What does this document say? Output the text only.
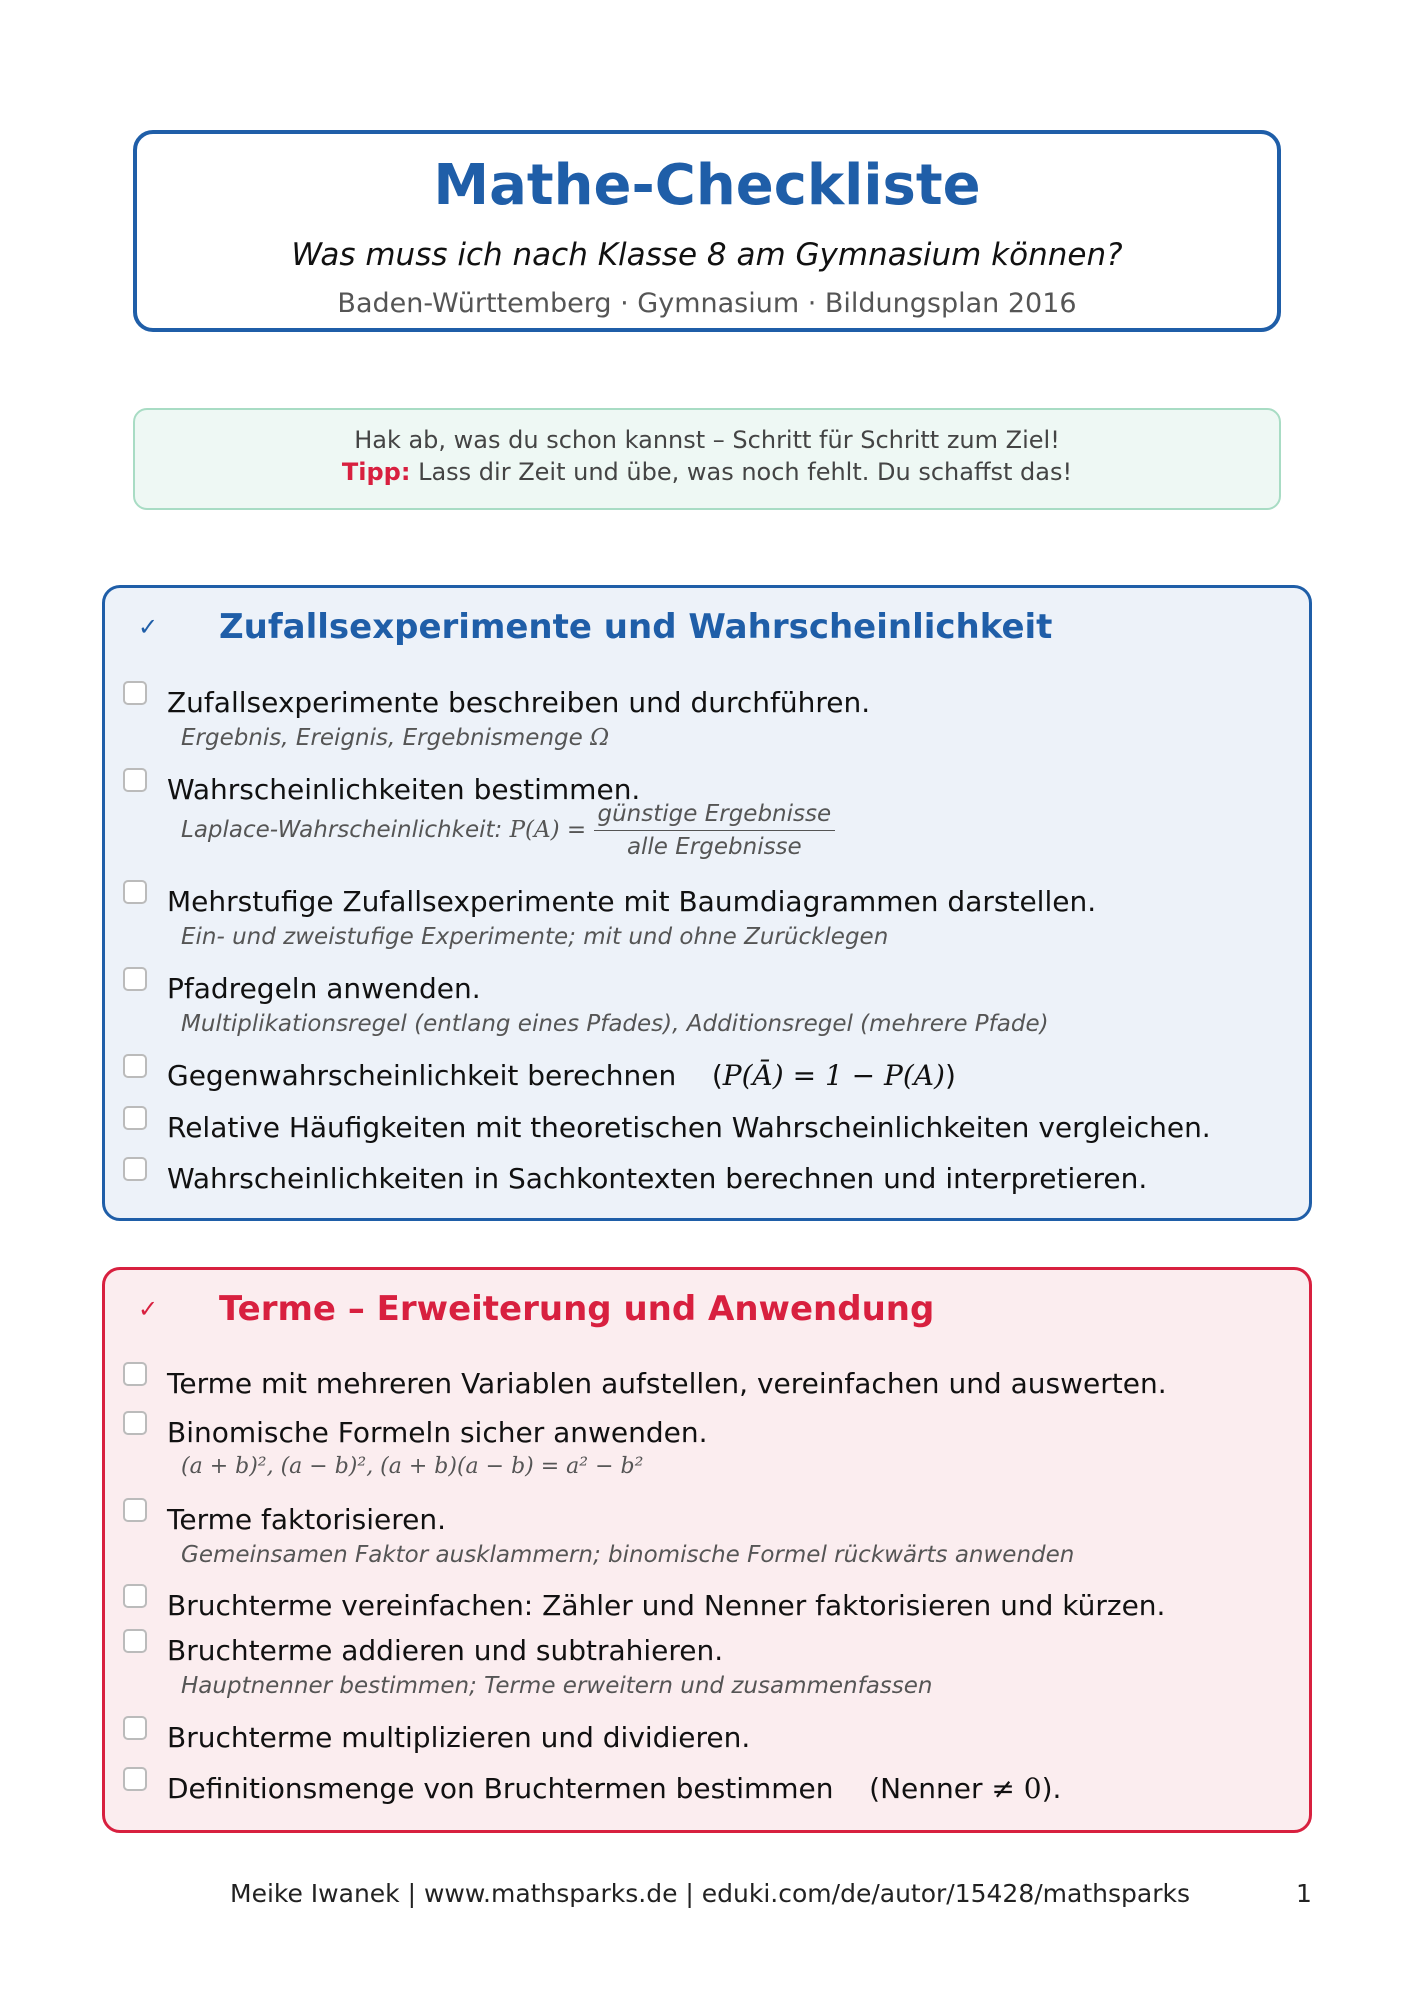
Mathe-Checkliste
Was muss ich nach Klasse 8 am Gymnasium können?
Baden-Württemberg · Gymnasium · Bildungsplan 2016
Hak ab, was du schon kannst – Schritt für Schritt zum Ziel!
Tipp: Lass dir Zeit und übe, was noch fehlt. Du schaffst das!
✓ Zufallsexperimente und Wahrscheinlichkeit
Zufallsexperimente beschreiben und durchführen.
Ergebnis, Ereignis, Ergebnismenge Ω
Wahrscheinlichkeiten bestimmen.
Laplace-Wahrscheinlichkeit: $P(A) = \frac{\text{günstige Ergebnisse}}{\text{alle Ergebnisse}}$
Mehrstufige Zufallsexperimente mit Baumdiagrammen darstellen.
Ein- und zweistufige Experimente; mit und ohne Zurücklegen
Pfadregeln anwenden.
Multiplikationsregel (entlang eines Pfades), Additionsregel (mehrere Pfade)
Gegenwahrscheinlichkeit berechnen    (P(Ā) = 1 − P(A))
Relative Häufigkeiten mit theoretischen Wahrscheinlichkeiten vergleichen.
Wahrscheinlichkeiten in Sachkontexten berechnen und interpretieren.
✓ Terme – Erweiterung und Anwendung
Terme mit mehreren Variablen aufstellen, vereinfachen und auswerten.
Binomische Formeln sicher anwenden.
(a + b)², (a − b)², (a + b)(a − b) = a² − b²
Terme faktorisieren.
Gemeinsamen Faktor ausklammern; binomische Formel rückwärts anwenden
Bruchterme vereinfachen: Zähler und Nenner faktorisieren und kürzen.
Bruchterme addieren und subtrahieren.
Hauptnenner bestimmen; Terme erweitern und zusammenfassen
Bruchterme multiplizieren und dividieren.
Definitionsmenge von Bruchtermen bestimmen    (Nenner ≠ 0).
Meike Iwanek | www.mathsparks.de | eduki.com/de/autor/15428/mathsparks	1
